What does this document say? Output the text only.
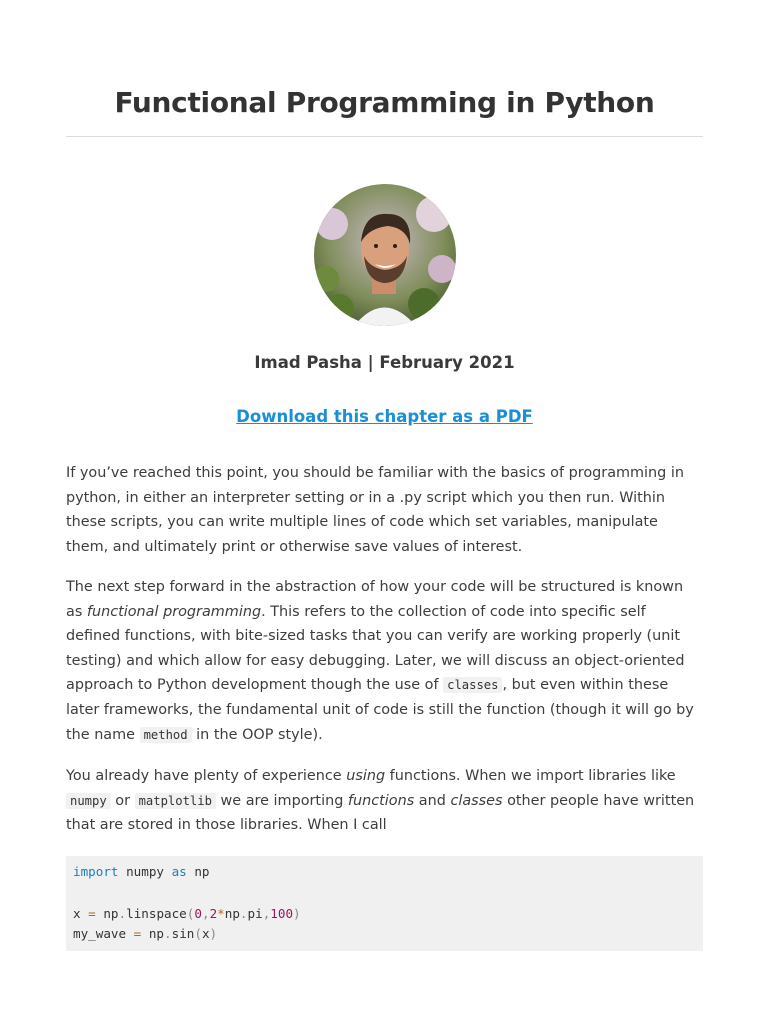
Functional Programming in Python
Imad Pasha | February 2021
Download this chapter as a PDF

If you’ve reached this point, you should be familiar with the basics of programming in python, in either an interpreter setting or in a .py script which you then run. Within these scripts, you can write multiple lines of code which set variables, manipulate them, and ultimately print or otherwise save values of interest.

The next step forward in the abstraction of how your code will be structured is known as functional programming. This refers to the collection of code into specific self defined functions, with bite-sized tasks that you can verify are working properly (unit testing) and which allow for easy debugging. Later, we will discuss an object-oriented approach to Python development though the use of classes , but even within these later frameworks, the fundamental unit of code is still the function (though it will go by the name method in the OOP style).

You already have plenty of experience using functions. When we import libraries like numpy or matplotlib we are importing functions and classes other people have written that are stored in those libraries. When I call

import numpy as np

x = np.linspace(0,2*np.pi,100)
my_wave = np.sin(x)
